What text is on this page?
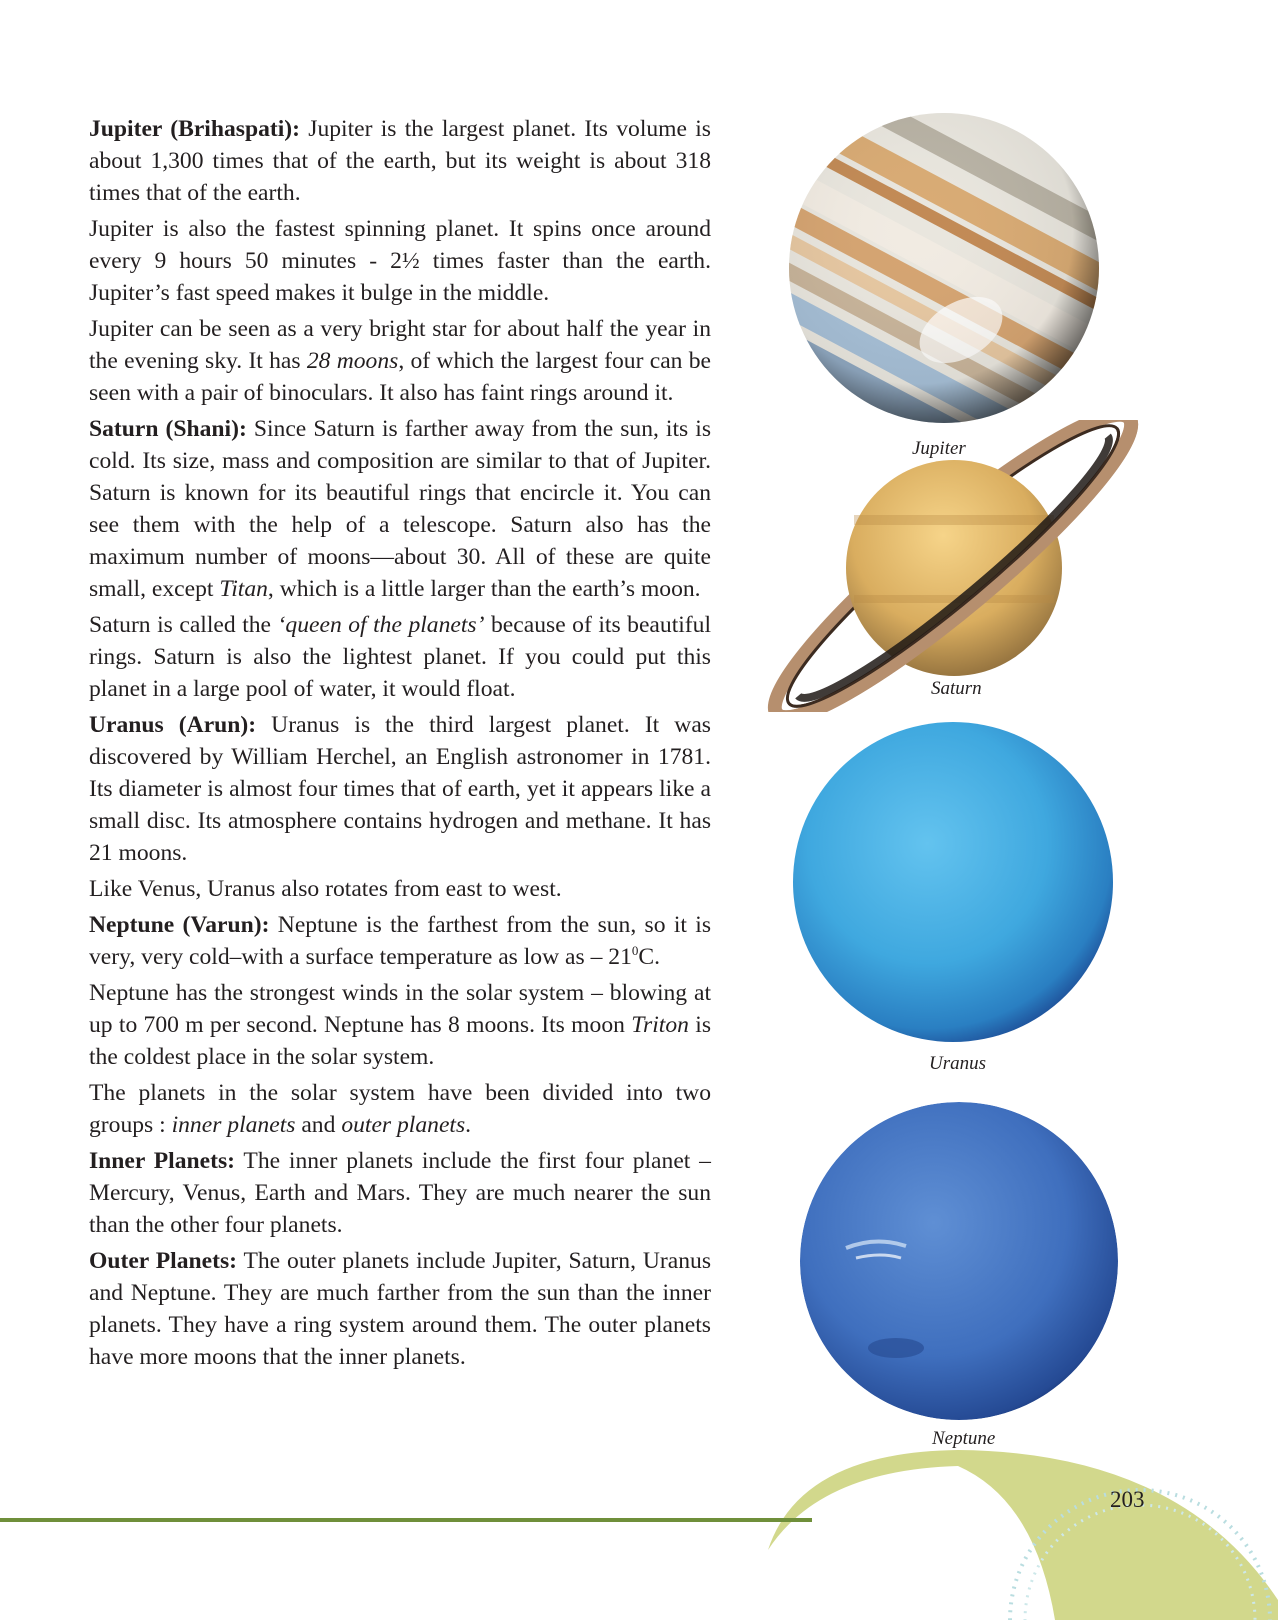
Jupiter (Brihaspati): Jupiter is the largest planet. Its volume is about 1,300 times that of the earth, but its weight is about 318 times that of the earth.

Jupiter is also the fastest spinning planet. It spins once around every 9 hours 50 minutes - 2½ times faster than the earth. Jupiter’s fast speed makes it bulge in the middle.

Jupiter can be seen as a very bright star for about half the year in the evening sky. It has 28 moons, of which the largest four can be seen with a pair of binoculars. It also has faint rings around it.

Saturn (Shani): Since Saturn is farther away from the sun, its is cold. Its size, mass and composition are similar to that of Jupiter. Saturn is known for its beautiful rings that encircle it. You can see them with the help of a telescope. Saturn also has the maximum number of moons—about 30. All of these are quite small, except Titan, which is a little larger than the earth’s moon.

Saturn is called the ‘queen of the planets’ because of its beautiful rings. Saturn is also the lightest planet. If you could put this planet in a large pool of water, it would float.

Uranus (Arun): Uranus is the third largest planet. It was discovered by William Herchel, an English astronomer in 1781. Its diameter is almost four times that of earth, yet it appears like a small disc. Its atmosphere contains hydrogen and methane. It has 21 moons.

Like Venus, Uranus also rotates from east to west.

Neptune (Varun): Neptune is the farthest from the sun, so it is very, very cold–with a surface temperature as low as – $21^0C$.

Neptune has the strongest winds in the solar system – blowing at up to 700 m per second. Neptune has 8 moons. Its moon Triton is the coldest place in the solar system.

The planets in the solar system have been divided into two groups : inner planets and outer planets.

Inner Planets: The inner planets include the first four planet – Mercury, Venus, Earth and Mars. They are much nearer the sun than the other four planets.

Outer Planets: The outer planets include Jupiter, Saturn, Uranus and Neptune. They are much farther from the sun than the inner planets. They have a ring system around them. The outer planets have more moons that the inner planets.

Jupiter
Saturn
Uranus
Neptune
203
